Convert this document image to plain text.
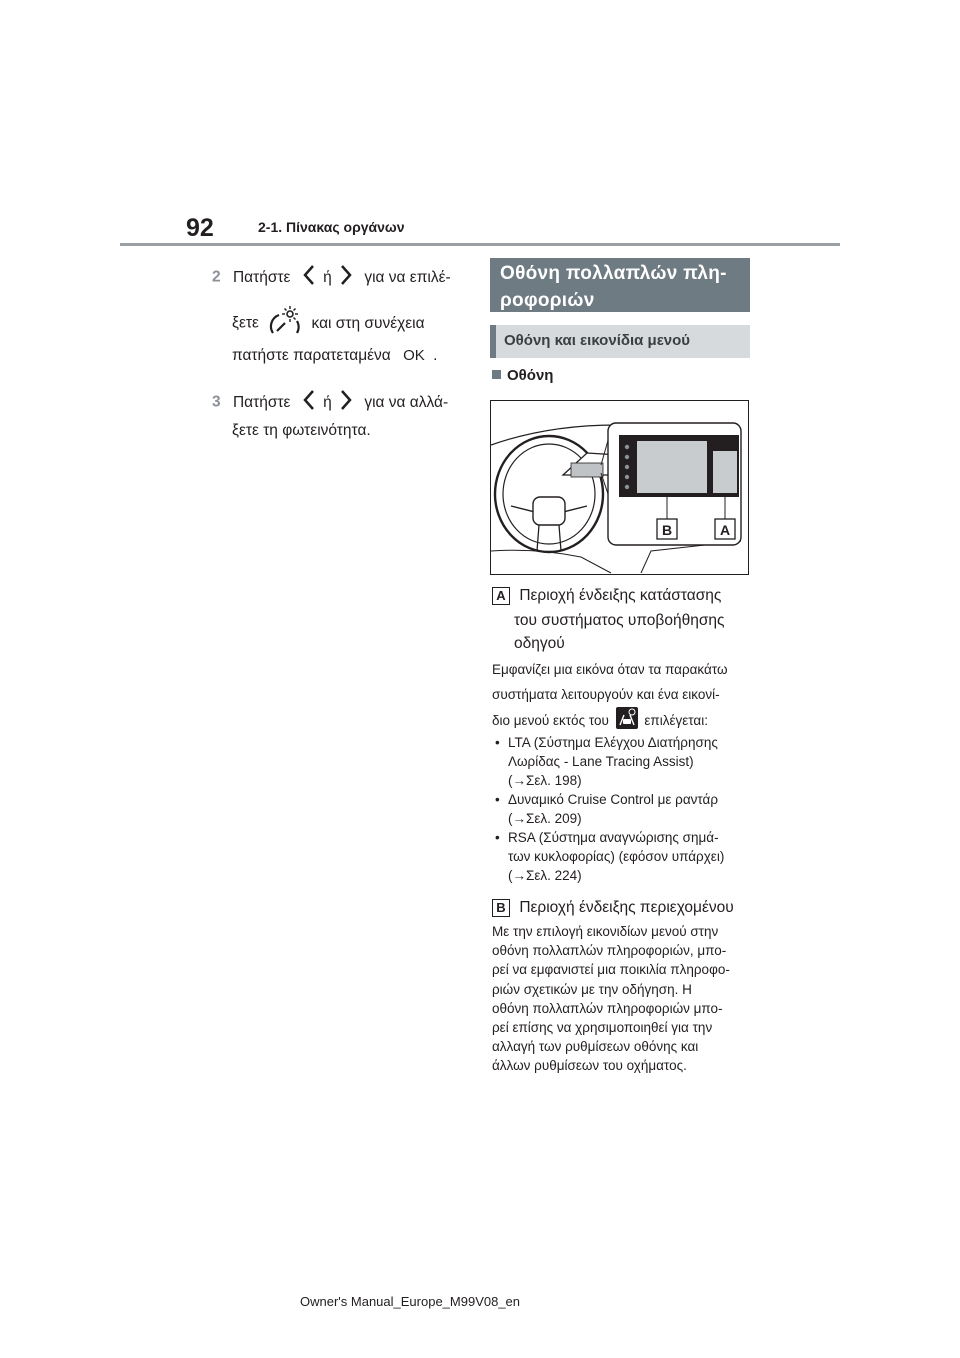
92	2-1. Πίνακας οργάνων
2 Πατήστε ή για να επιλέ-
ξετε	και στη συνέχεια
πατήστε παρατεταμένα OK .
3 Πατήστε ή για να αλλά-
ξετε τη φωτεινότητα.
Οθόνη πολλαπλών πλη-
ροφοριών
Οθόνη και εικονίδια μενού
Οθόνη
B	A
A Περιοχή ένδειξης κατάστασης
του συστήματος υποβοήθησης
οδηγού
Εμφανίζει μια εικόνα όταν τα παρακάτω
συστήματα λειτουργούν και ένα εικονί-
διο μενού εκτός του	επιλέγεται:
• LTA (Σύστημα Ελέγχου Διατήρησης
Λωρίδας - Lane Tracing Assist)
(→Σελ. 198)
• Δυναμικό Cruise Control με ραντάρ
(→Σελ. 209)
• RSA (Σύστημα αναγνώρισης σημά-
των κυκλοφορίας) (εφόσον υπάρχει)
(→Σελ. 224)
B Περιοχή ένδειξης περιεχομένου
Με την επιλογή εικονιδίων μενού στην
οθόνη πολλαπλών πληροφοριών, μπο-
ρεί να εμφανιστεί μια ποικιλία πληροφο-
ριών σχετικών με την οδήγηση. Η
οθόνη πολλαπλών πληροφοριών μπο-
ρεί επίσης να χρησιμοποιηθεί για την
αλλαγή των ρυθμίσεων οθόνης και
άλλων ρυθμίσεων του οχήματος.
Owner's Manual_Europe_M99V08_en
